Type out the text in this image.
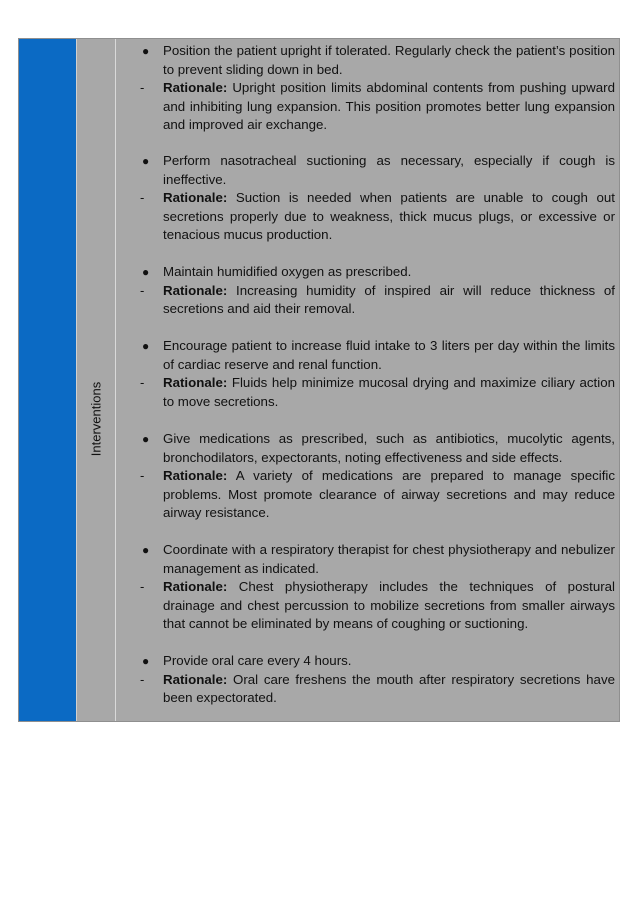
Interventions
● Position the patient upright if tolerated. Regularly check the patient’s position to prevent sliding down in bed.
- Rationale: Upright position limits abdominal contents from pushing upward and inhibiting lung expansion. This position promotes better lung expansion and improved air exchange.
● Perform nasotracheal suctioning as necessary, especially if cough is ineffective.
- Rationale: Suction is needed when patients are unable to cough out secretions properly due to weakness, thick mucus plugs, or excessive or tenacious mucus production.
● Maintain humidified oxygen as prescribed.
- Rationale: Increasing humidity of inspired air will reduce thickness of secretions and aid their removal.
● Encourage patient to increase fluid intake to 3 liters per day within the limits of cardiac reserve and renal function.
- Rationale: Fluids help minimize mucosal drying and maximize ciliary action to move secretions.
● Give medications as prescribed, such as antibiotics, mucolytic agents, bronchodilators, expectorants, noting effectiveness and side effects.
- Rationale: A variety of medications are prepared to manage specific problems. Most promote clearance of airway secretions and may reduce airway resistance.
● Coordinate with a respiratory therapist for chest physiotherapy and nebulizer management as indicated.
- Rationale: Chest physiotherapy includes the techniques of postural drainage and chest percussion to mobilize secretions from smaller airways that cannot be eliminated by means of coughing or suctioning.
● Provide oral care every 4 hours.
- Rationale: Oral care freshens the mouth after respiratory secretions have been expectorated.
